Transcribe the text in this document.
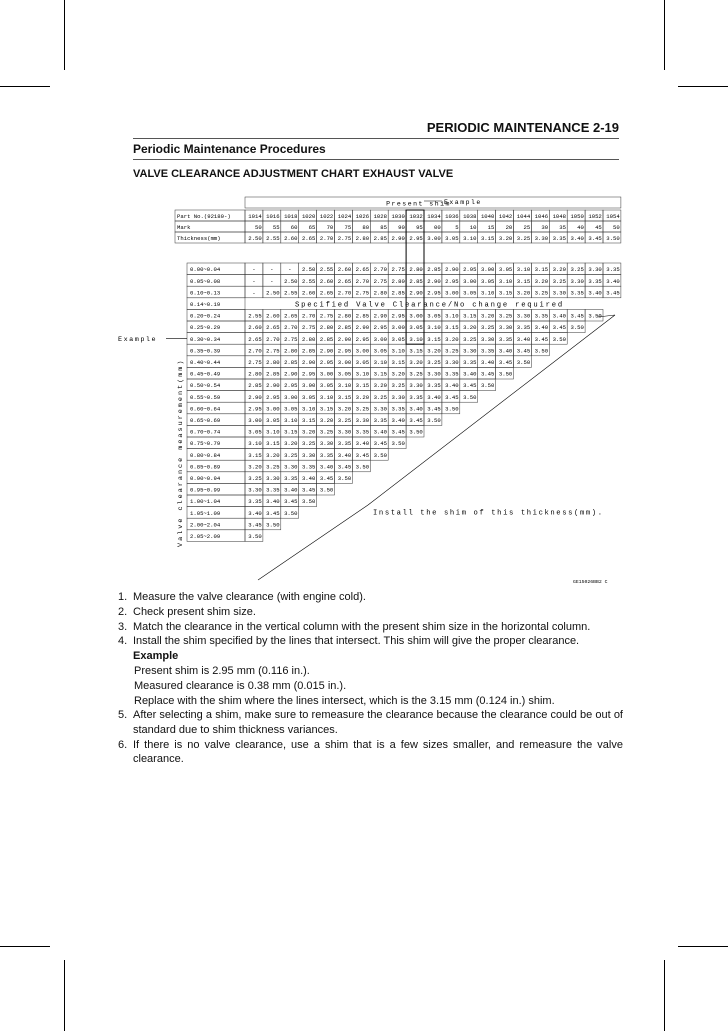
PERIODIC MAINTENANCE 2-19
Periodic Maintenance Procedures
VALVE CLEARANCE ADJUSTMENT CHART EXHAUST VALVE
Present shim
Example
Part No.(92180-)
Mark
Thickness(mm)
1014 1016 1018 1020 1022 1024 1026 1028 1030 1032 1034 1036 1038 1040 1042 1044 1046 1048 1050 1052 1054
50 55 60 65 70 75 80 85 90 95 00	5 10 15 20 25 30 35 40 45 50
2.50 2.55 2.60 2.65 2.70 2.75 2.80 2.85 2.90 2.95 3.00 3.05 3.10 3.15 3.20 3.25 3.30 3.35 3.40 3.45 3.50
0.00~0.04	-	-	- 2.50 2.55 2.60 2.65 2.70 2.75 2.80 2.85 2.90 2.95 3.00 3.05 3.10 3.15 3.20 3.25 3.30 3.35
0.05~0.08	-	- 2.50 2.55 2.60 2.65 2.70 2.75 2.80 2.85 2.90 2.95 3.00 3.05 3.10 3.15 3.20 3.25 3.30 3.35 3.40
0.10~0.13	- 2.50 2.55 2.60 2.65 2.70 2.75 2.80 2.85 2.90 2.95 3.00 3.05 3.10 3.15 3.20 3.25 3.30 3.35 3.40 3.45
0.14~0.19	Specified Valve Clearance/No change required
0.20~0.24	2.55 2.60 2.65 2.70 2.75 2.80 2.85 2.90 2.95 3.00 3.05 3.10 3.15 3.20 3.25 3.30 3.35 3.40 3.45 3.50
0.25~0.29	2.60 2.65 2.70 2.75 2.80 2.85 2.90 2.95 3.00 3.05 3.10 3.15 3.20 3.25 3.30 3.35 3.40 3.45 3.50
0.30~0.34	2.65 2.70 2.75 2.80 2.85 2.90 2.95 3.00 3.05 3.10 3.15 3.20 3.25 3.30 3.35 3.40 3.45 3.50
0.35~0.39	2.70 2.75 2.80 2.85 2.90 2.95 3.00 3.05 3.10 3.15 3.20 3.25 3.30 3.35 3.40 3.45 3.50
0.40~0.44	2.75 2.80 2.85 2.90 2.95 3.00 3.05 3.10 3.15 3.20 3.25 3.30 3.35 3.40 3.45 3.50
0.45~0.49	2.80 2.85 2.90 2.95 3.00 3.05 3.10 3.15 3.20 3.25 3.30 3.35 3.40 3.45 3.50
0.50~0.54	2.85 2.90 2.95 3.00 3.05 3.10 3.15 3.20 3.25 3.30 3.35 3.40 3.45 3.50
0.55~0.59	2.90 2.95 3.00 3.05 3.10 3.15 3.20 3.25 3.30 3.35 3.40 3.45 3.50
0.60~0.64	2.95 3.00 3.05 3.10 3.15 3.20 3.25 3.30 3.35 3.40 3.45 3.50
0.65~0.69	3.00 3.05 3.10 3.15 3.20 3.25 3.30 3.35 3.40 3.45 3.50
0.70~0.74	3.05 3.10 3.15 3.20 3.25 3.30 3.35 3.40 3.45 3.50
0.75~0.79	3.10 3.15 3.20 3.25 3.30 3.35 3.40 3.45 3.50
0.80~0.84	3.15 3.20 3.25 3.30 3.35 3.40 3.45 3.50
0.85~0.89	3.20 3.25 3.30 3.35 3.40 3.45 3.50
0.90~0.94	3.25 3.30 3.35 3.40 3.45 3.50
0.95~0.99	3.30 3.35 3.40 3.45 3.50
1.00~1.04	3.35 3.40 3.45 3.50
1.05~1.09	3.40 3.45 3.50
2.00~2.04	3.45 3.50
2.05~2.09	3.50
Valve clearance measurement(mm)
Example
Install the shim of this thickness(mm).
GE15026BB2 C
1. Measure the valve clearance (with engine cold).
2. Check present shim size.
3. Match the clearance in the vertical column with the present shim size in the horizontal column.
4. Install the shim specified by the lines that intersect. This shim will give the proper clearance.
Example
Present shim is 2.95 mm (0.116 in.).
Measured clearance is 0.38 mm (0.015 in.).
Replace with the shim where the lines intersect, which is the 3.15 mm (0.124 in.) shim.
5. After selecting a shim, make sure to remeasure the clearance because the clearance could be out of standard due to shim thickness variances.
6. If there is no valve clearance, use a shim that is a few sizes smaller, and remeasure the valve clearance.
